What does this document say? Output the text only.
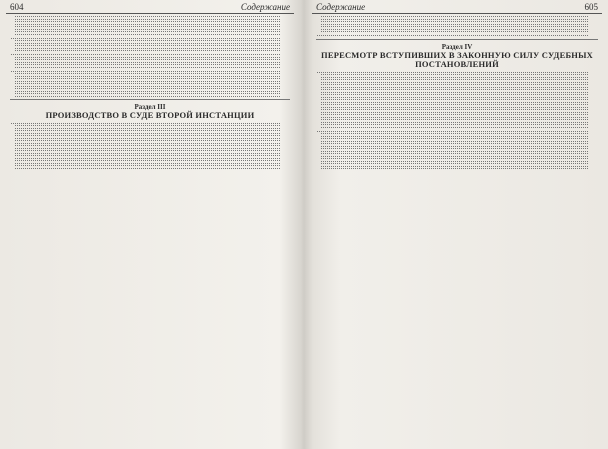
604	Содержание
Раздел III
ПРОИЗВОДСТВО В СУДЕ ВТОРОЙ ИНСТАНЦИИ
Содержание	605
Раздел IV
ПЕРЕСМОТР ВСТУПИВШИХ В ЗАКОННУЮ СИЛУ СУДЕБНЫХ ПОСТАНОВЛЕНИЙ
